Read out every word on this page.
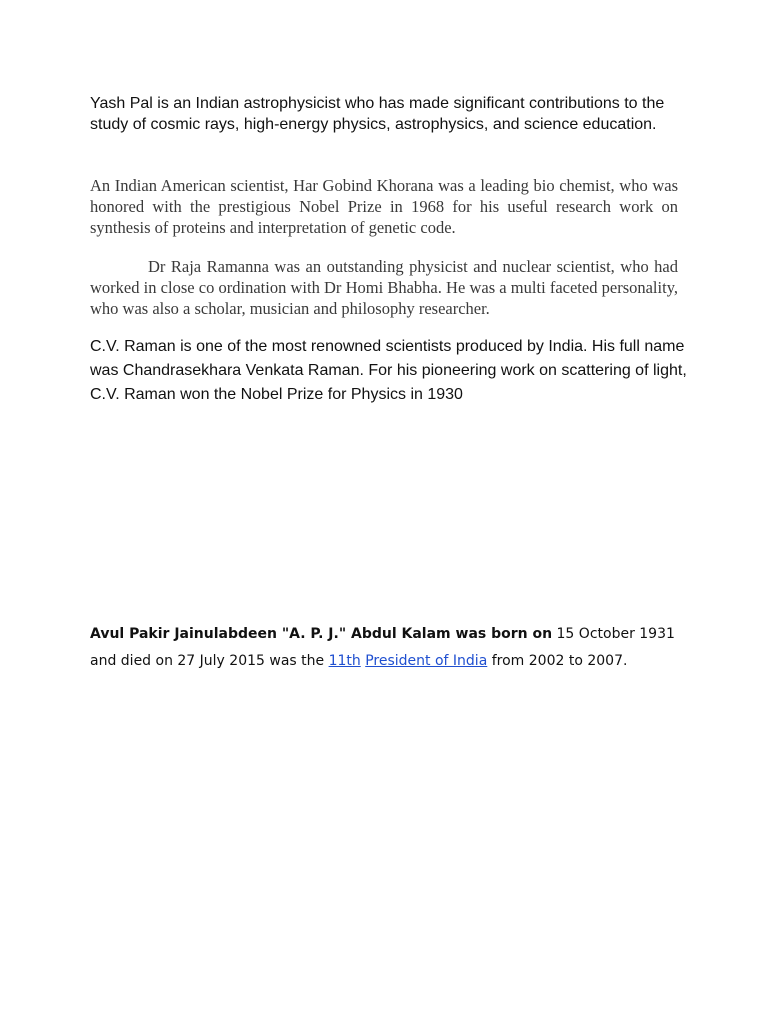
Yash Pal is an Indian astrophysicist who has made significant contributions to the study of cosmic rays, high-energy physics, astrophysics, and science education.

An Indian American scientist, Har Gobind Khorana was a leading bio chemist, who was honored with the prestigious Nobel Prize in 1968 for his useful research work on synthesis of proteins and interpretation of genetic code.

Dr Raja Ramanna was an outstanding physicist and nuclear scientist, who had worked in close co ordination with Dr Homi Bhabha. He was a multi faceted personality, who was also a scholar, musician and philosophy researcher.

C.V. Raman is one of the most renowned scientists produced by India. His full name was Chandrasekhara Venkata Raman. For his pioneering work on scattering of light, C.V. Raman won the Nobel Prize for Physics in 1930

Avul Pakir Jainulabdeen "A. P. J." Abdul Kalam was born on 15 October 1931 and died on 27 July 2015 was the 11th President of India from 2002 to 2007.
